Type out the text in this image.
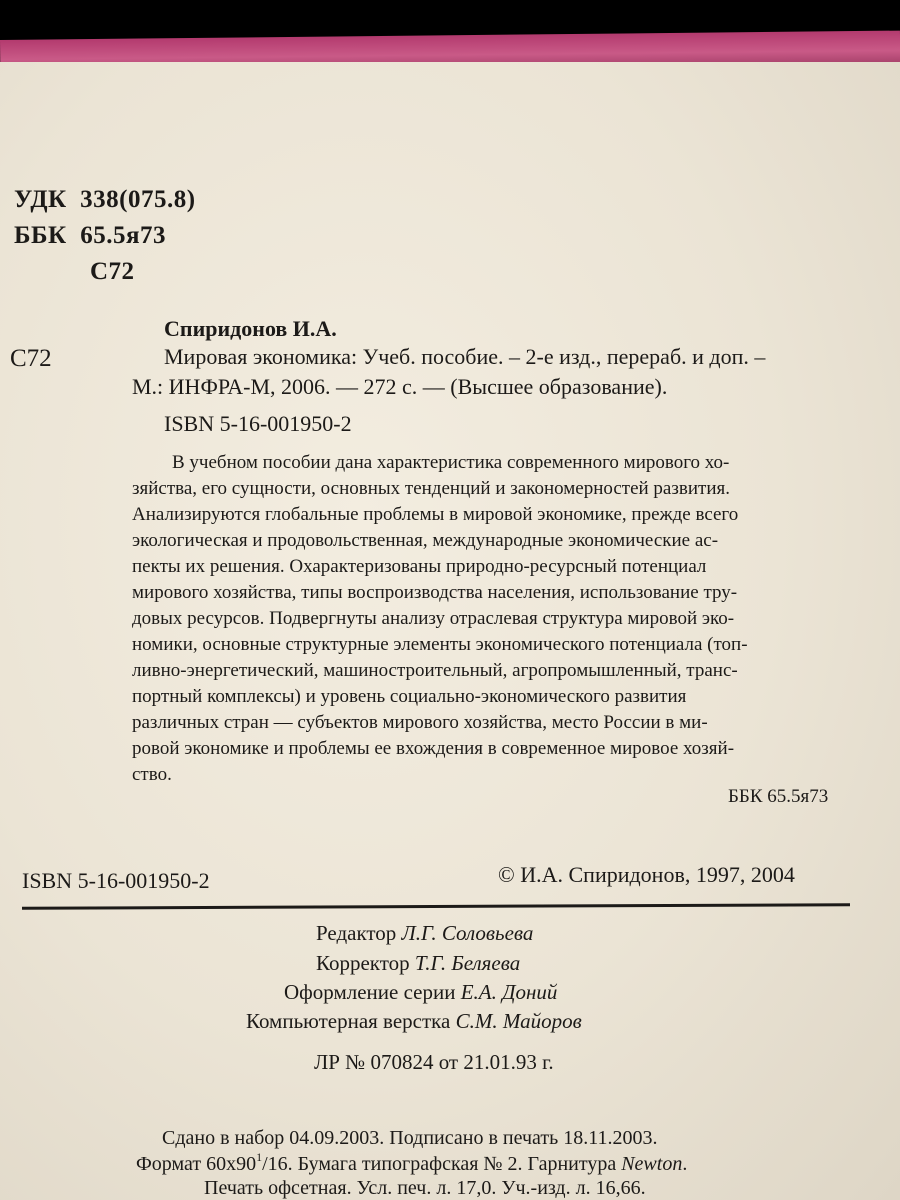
УДК 338(075.8)
ББК 65.5я73
С72
С72
Спиридонов И.А.
Мировая экономика: Учеб. пособие. – 2-е изд., перераб. и доп. –
М.: ИНФРА-М, 2006. — 272 с. — (Высшее образование).
ISBN 5-16-001950-2
В учебном пособии дана характеристика современного мирового хо-
зяйства, его сущности, основных тенденций и закономерностей развития.
Анализируются глобальные проблемы в мировой экономике, прежде всего
экологическая и продовольственная, международные экономические ас-
пекты их решения. Охарактеризованы природно-ресурсный потенциал
мирового хозяйства, типы воспроизводства населения, использование тру-
довых ресурсов. Подвергнуты анализу отраслевая структура мировой эко-
номики, основные структурные элементы экономического потенциала (топ-
ливно-энергетический, машиностроительный, агропромышленный, транс-
портный комплексы) и уровень социально-экономического развития
различных стран — субъектов мирового хозяйства, место России в ми-
ровой экономике и проблемы ее вхождения в современное мировое хозяй-
ство.
ББК 65.5я73
ISBN 5-16-001950-2	© И.А. Спиридонов, 1997, 2004
Редактор Л.Г. Соловьева
Корректор Т.Г. Беляева
Оформление серии Е.А. Доний
Компьютерная верстка С.М. Майоров
ЛР № 070824 от 21.01.93 г.
Сдано в набор 04.09.2003. Подписано в печать 18.11.2003.
Формат $60х90^1/16$. Бумага типографская № 2. Гарнитура Newton.
Печать офсетная. Усл. печ. л. 17,0. Уч.-изд. л. 16,66.
